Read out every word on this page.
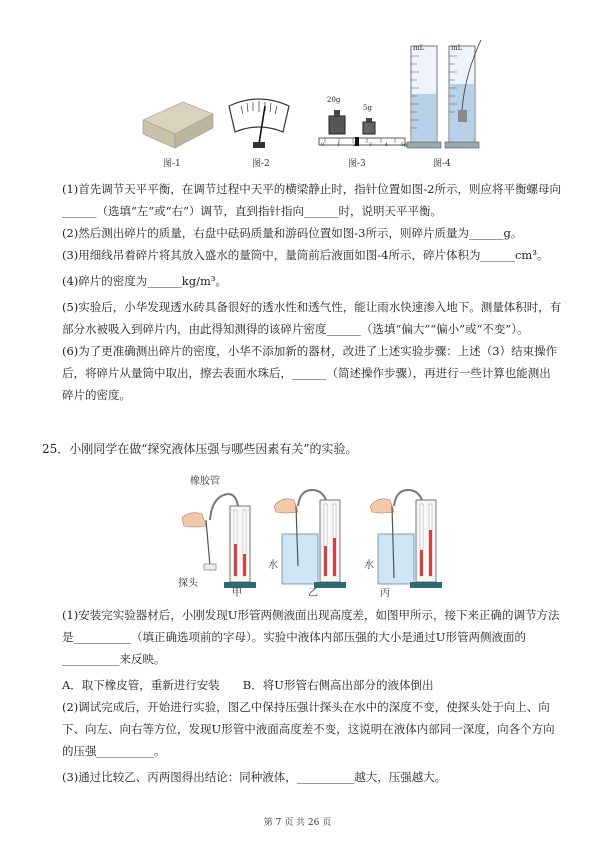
图-1	图-2
20g
5g
0	1	2	3	4	5g
图-3
mL	mL
图-4

(1)首先调节天平平衡，在调节过程中天平的横梁静止时，指针位置如图-2所示，则应将平衡螺母向______（选填“左”或“右”）调节，直到指针指向______时，说明天平平衡。

(2)然后测出碎片的质量，右盘中砝码质量和游码位置如图-3所示，则碎片质量为______g。

(3)用细线吊着碎片将其放入盛水的量筒中，量筒前后液面如图-4所示，碎片体积为______cm³。

(4)碎片的密度为______kg/m³。

(5)实验后，小华发现透水砖具备很好的透水性和透气性，能让雨水快速渗入地下。测量体积时，有部分水被吸入到碎片内，由此得知测得的该碎片密度______（选填“偏大”“偏小”或“不变”）。

(6)为了更准确测出碎片的密度，小华不添加新的器材，改进了上述实验步骤：上述（3）结束操作后，将碎片从量筒中取出，擦去表面水珠后，______（简述操作步骤），再进行一些计算也能测出碎片的密度。

25．小刚同学在做“探究液体压强与哪些因素有关”的实验。
橡胶管
探头
水	水
甲	乙	丙

(1)安装完实验器材后，小刚发现U形管两侧液面出现高度差，如图甲所示，接下来正确的调节方法是__________（填正确选项前的字母）。实验中液体内部压强的大小是通过U形管两侧液面的__________来反映。

A．取下橡皮管，重新进行安装　　B．将U形管右侧高出部分的液体倒出

(2)调试完成后，开始进行实验，图乙中保持压强计探头在水中的深度不变，使探头处于向上、向下、向左、向右等方位，发现U形管中液面高度差不变，这说明在液体内部同一深度，向各个方向的压强__________。

(3)通过比较乙、丙两图得出结论：同种液体，__________越大，压强越大。

第 7 页 共 26 页
